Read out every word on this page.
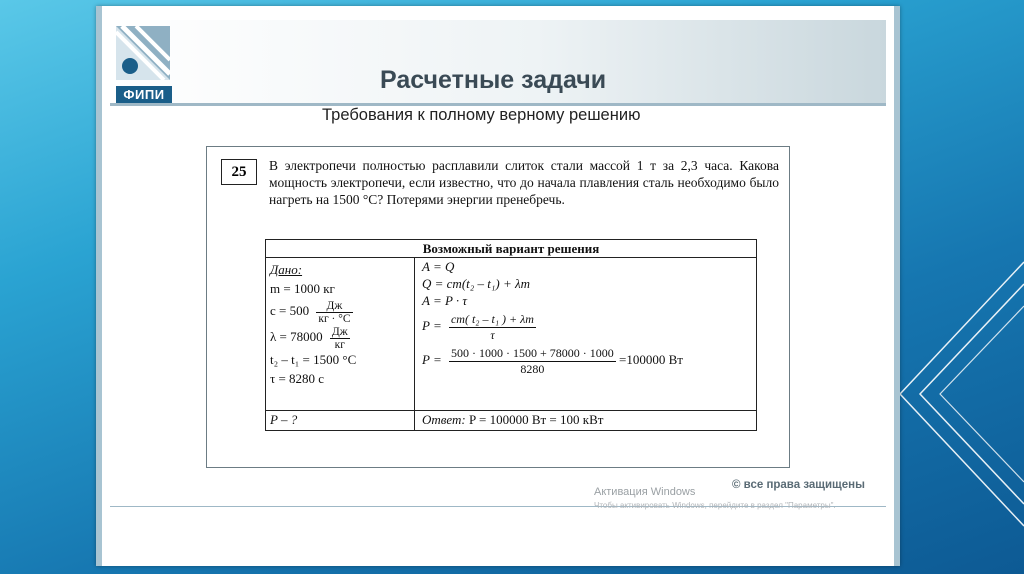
ФИПИ
Расчетные задачи
Требования к полному верному решению
25	В электропечи полностью расплавили слиток стали массой 1 т за 2,3 часа. Какова мощность электропечи, если известно, что до начала плавления сталь необходимо было нагреть на 1500 °С? Потерями энергии пренебречь.
Возможный вариант решения
Дано:
m = 1000 кг
$c = 500 \frac{Дж}{кг \cdot ^\circ С}$
$\lambda = 78000 \frac{Дж}{кг}$
t₂ – t₁ = 1500 °С
τ = 8280 с
A = Q
Q = cm(t₂ – t₁) + λm
A = P · τ
$P = \frac{\text{cm( t₂ – t₁ ) + λm}}{\tau}$
$P = \frac{500 \cdot 1000 \cdot 1500 + 78000 \cdot 1000}{8280} =100000$ Вт
P – ?	Ответ: P = 100000 Вт = 100 кВт
© все права защищены
Активация Windows
Чтобы активировать Windows, перейдите в раздел "Параметры".
